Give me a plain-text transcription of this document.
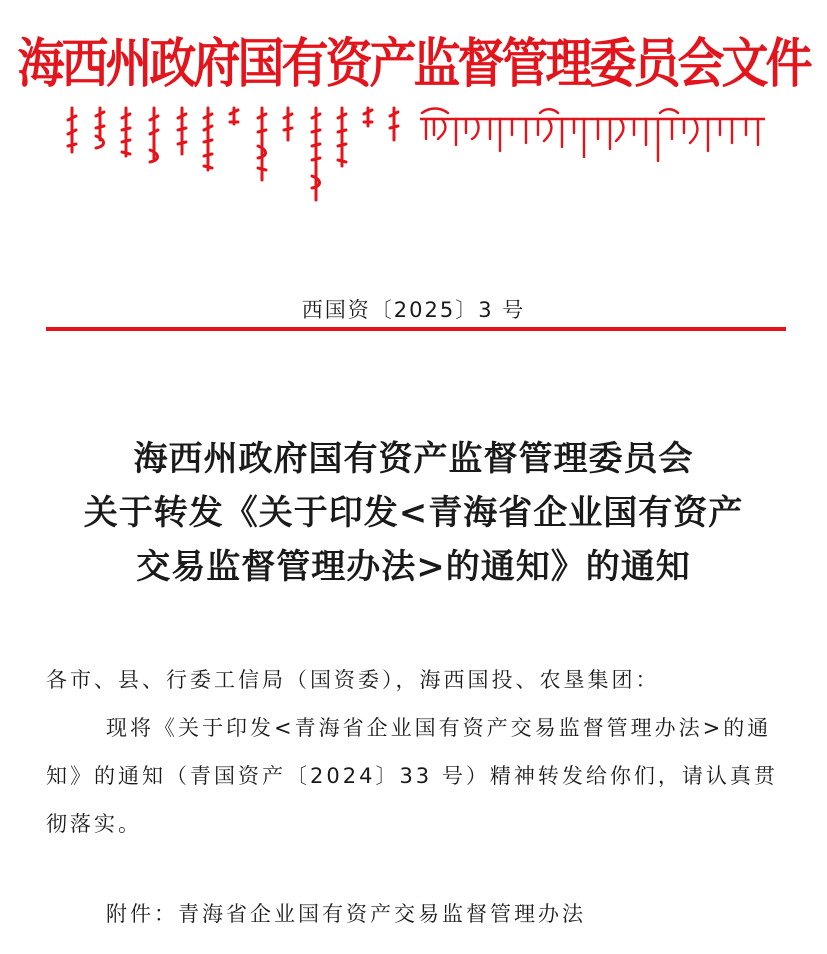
海西州政府国有资产监督管理委员会文件
西国资〔2025〕3 号
海西州政府国有资产监督管理委员会
关于转发《关于印发<青海省企业国有资产
交易监督管理办法>的通知》的通知

各市、县、行委工信局（国资委），海西国投、农垦集团：

现将《关于印发<青海省企业国有资产交易监督管理办法>的通知》的通知（青国资产〔2024〕33 号）精神转发给你们，请认真贯彻落实。

附件：青海省企业国有资产交易监督管理办法
